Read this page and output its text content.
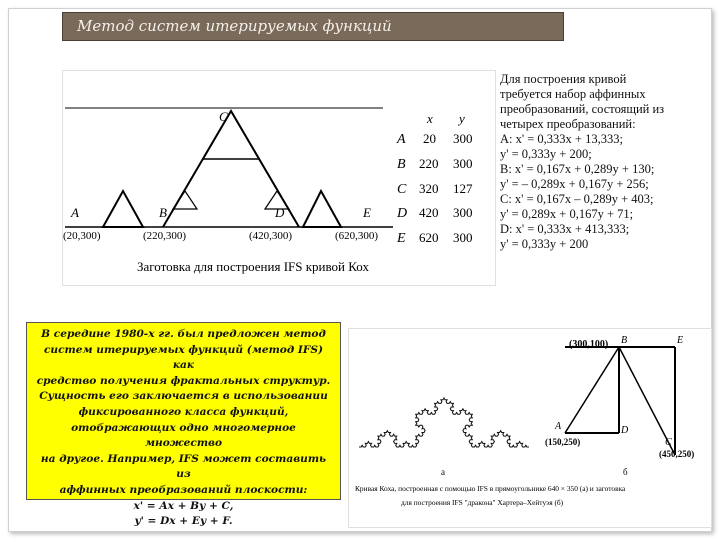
Метод систем итерируемых функций
A	B
C
D	E
(20,300)	(220,300)	(420,300)	(620,300)
Заготовка для построения IFS кривой Кох
x y
A 20 300
B 220 300
C 320 127
D 420 300
E 620 300
Для построения кривой
требуется набор аффинных
преобразований, состоящий из
четырех преобразований:
A: x' = 0,333x + 13,333;
y' = 0,333y + 200;
B: x' = 0,167x + 0,289y + 130;
y' = – 0,289x + 0,167y + 256;
C: x' = 0,167x – 0,289y + 403;
y' = 0,289x + 0,167y + 71;
D: x' = 0,333x + 413,333;
y' = 0,333y + 200

В середине 1980-х гг. был предложен метод

систем итерируемых функций (метод IFS) как

средство получения фрактальных структур.

Сущность его заключается в использовании

фиксированного класса функций,

отображающих одно многомерное множество

на другое. Например, IFS может составить из

аффинных преобразований плоскости:

x' = Ax + By + C,

y' = Dx + Ey + F.

(300,100) B	E
A	D
C
(150,250)
(450,250)
a	б
Кривая Коха, построенная с помощью IFS в прямоугольнике 640 × 350 (а) и заготовка
для построения IFS "дракона" Хартера–Хейтуэя (б)
